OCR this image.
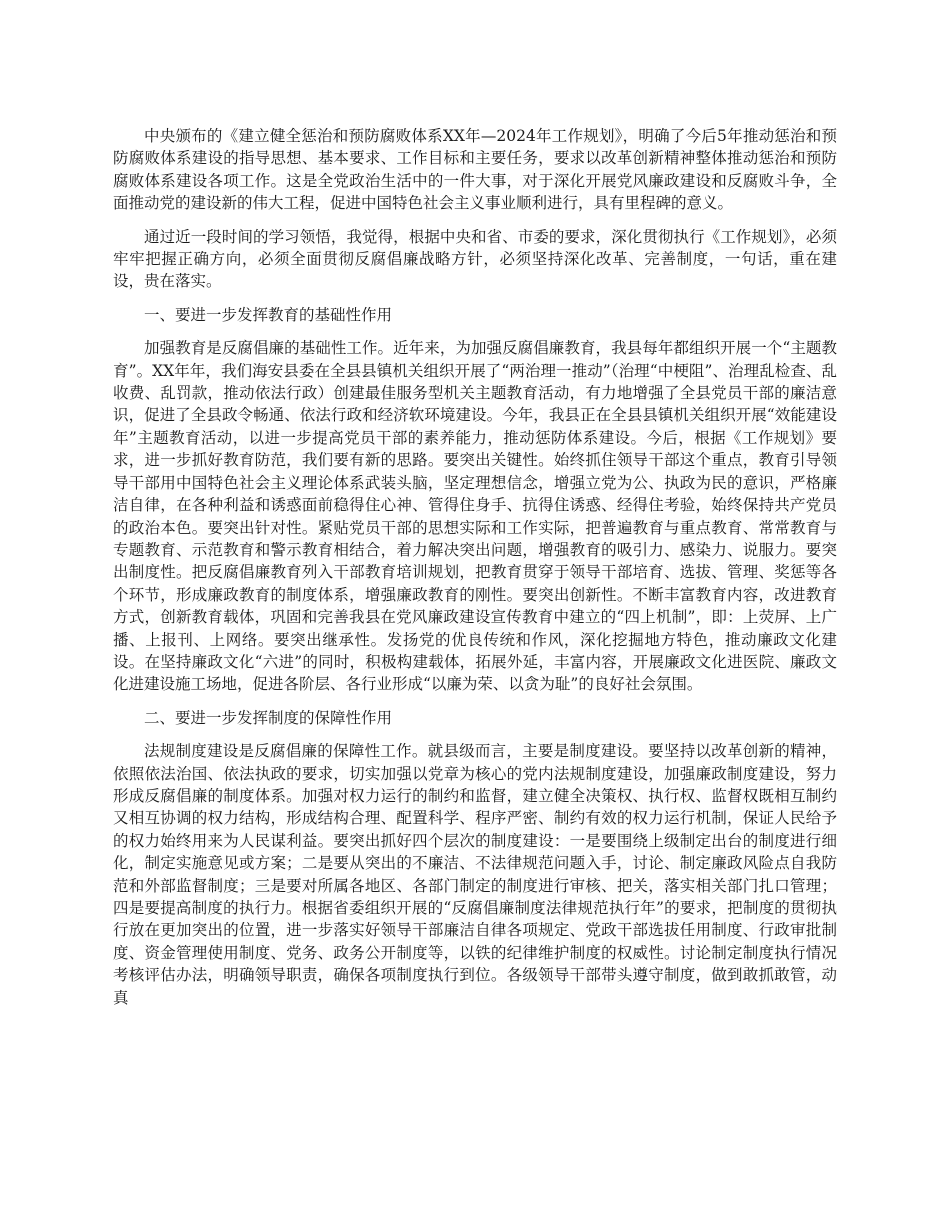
中央颁布的《建立健全惩治和预防腐败体系XX年—2024年工作规划》，明确了今后5年推动惩治和预防腐败体系建设的指导思想、基本要求、工作目标和主要任务，要求以改革创新精神整体推动惩治和预防腐败体系建设各项工作。这是全党政治生活中的一件大事，对于深化开展党风廉政建设和反腐败斗争，全面推动党的建设新的伟大工程，促进中国特色社会主义事业顺利进行，具有里程碑的意义。

通过近一段时间的学习领悟，我觉得，根据中央和省、市委的要求，深化贯彻执行《工作规划》，必须牢牢把握正确方向，必须全面贯彻反腐倡廉战略方针，必须坚持深化改革、完善制度，一句话，重在建设，贵在落实。

一、要进一步发挥教育的基础性作用

加强教育是反腐倡廉的基础性工作。近年来，为加强反腐倡廉教育，我县每年都组织开展一个“主题教育”。XX年年，我们海安县委在全县县镇机关组织开展了“两治理一推动”（治理“中梗阻”、治理乱检查、乱收费、乱罚款，推动依法行政）创建最佳服务型机关主题教育活动，有力地增强了全县党员干部的廉洁意识，促进了全县政令畅通、依法行政和经济软环境建设。今年，我县正在全县县镇机关组织开展“效能建设年”主题教育活动，以进一步提高党员干部的素养能力，推动惩防体系建设。今后，根据《工作规划》要求，进一步抓好教育防范，我们要有新的思路。要突出关键性。始终抓住领导干部这个重点，教育引导领导干部用中国特色社会主义理论体系武装头脑，坚定理想信念，增强立党为公、执政为民的意识，严格廉洁自律，在各种利益和诱惑面前稳得住心神、管得住身手、抗得住诱惑、经得住考验，始终保持共产党员的政治本色。要突出针对性。紧贴党员干部的思想实际和工作实际，把普遍教育与重点教育、常常教育与专题教育、示范教育和警示教育相结合，着力解决突出问题，增强教育的吸引力、感染力、说服力。要突出制度性。把反腐倡廉教育列入干部教育培训规划，把教育贯穿于领导干部培育、选拔、管理、奖惩等各个环节，形成廉政教育的制度体系，增强廉政教育的刚性。要突出创新性。不断丰富教育内容，改进教育方式，创新教育载体，巩固和完善我县在党风廉政建设宣传教育中建立的“四上机制”，即：上荧屏、上广播、上报刊、上网络。要突出继承性。发扬党的优良传统和作风，深化挖掘地方特色，推动廉政文化建设。在坚持廉政文化“六进”的同时，积极构建载体，拓展外延，丰富内容，开展廉政文化进医院、廉政文化进建设施工场地，促进各阶层、各行业形成“以廉为荣、以贪为耻”的良好社会氛围。

二、要进一步发挥制度的保障性作用

法规制度建设是反腐倡廉的保障性工作。就县级而言，主要是制度建设。要坚持以改革创新的精神，依照依法治国、依法执政的要求，切实加强以党章为核心的党内法规制度建设，加强廉政制度建设，努力形成反腐倡廉的制度体系。加强对权力运行的制约和监督，建立健全决策权、执行权、监督权既相互制约又相互协调的权力结构，形成结构合理、配置科学、程序严密、制约有效的权力运行机制，保证人民给予的权力始终用来为人民谋利益。要突出抓好四个层次的制度建设：一是要围绕上级制定出台的制度进行细化，制定实施意见或方案；二是要从突出的不廉洁、不法律规范问题入手，讨论、制定廉政风险点自我防范和外部监督制度；三是要对所属各地区、各部门制定的制度进行审核、把关，落实相关部门扎口管理；四是要提高制度的执行力。根据省委组织开展的“反腐倡廉制度法律规范执行年”的要求，把制度的贯彻执行放在更加突出的位置，进一步落实好领导干部廉洁自律各项规定、党政干部选拔任用制度、行政审批制度、资金管理使用制度、党务、政务公开制度等，以铁的纪律维护制度的权威性。讨论制定制度执行情况考核评估办法，明确领导职责，确保各项制度执行到位。各级领导干部带头遵守制度，做到敢抓敢管，动真
